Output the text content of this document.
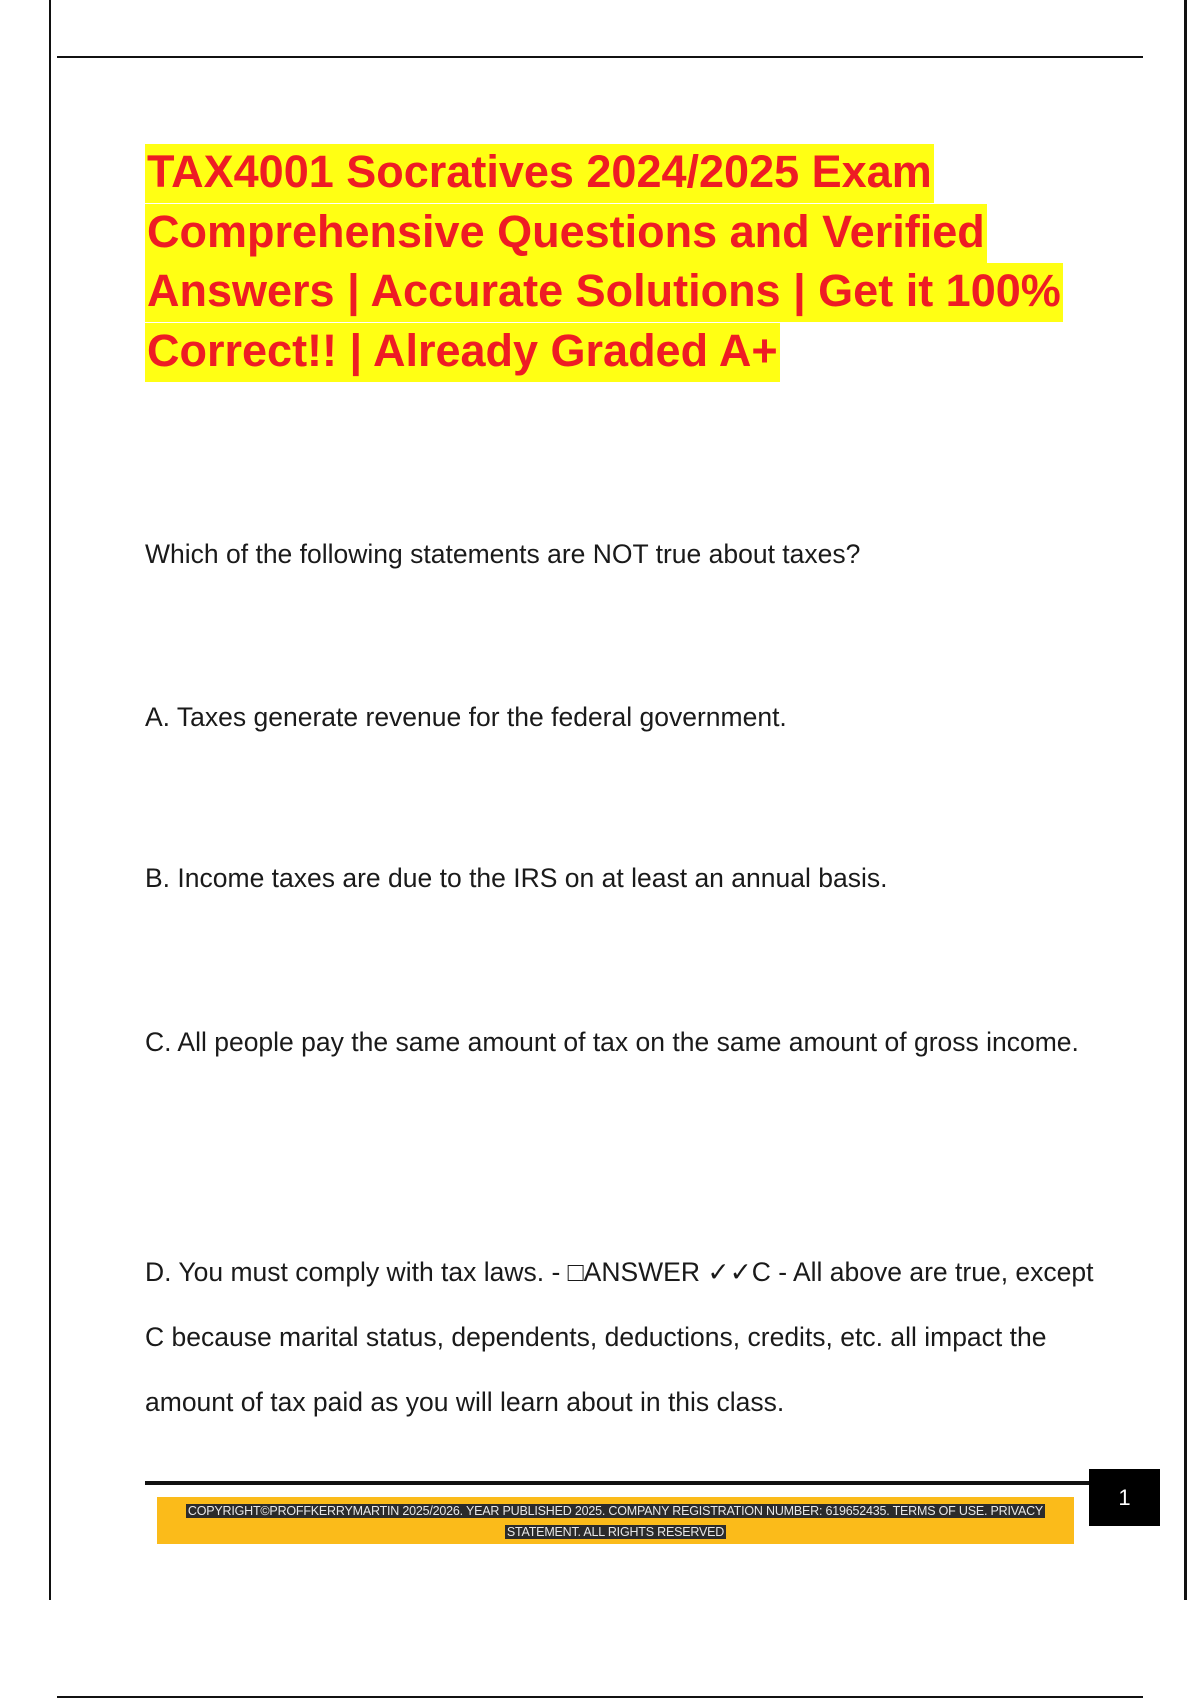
TAX4001 Socratives 2024/2025 Exam Comprehensive Questions and Verified Answers | Accurate Solutions | Get it 100% Correct!! | Already Graded A+

Which of the following statements are NOT true about taxes?

A. Taxes generate revenue for the federal government.

B. Income taxes are due to the IRS on at least an annual basis.

C. All people pay the same amount of tax on the same amount of gross income.

D. You must comply with tax laws. - □ANSWER ✓✓C - All above are true, except C because marital status, dependents, deductions, credits, etc. all impact the amount of tax paid as you will learn about in this class.

1
COPYRIGHT©PROFFKERRYMARTIN 2025/2026. YEAR PUBLISHED 2025. COMPANY REGISTRATION NUMBER: 619652435. TERMS OF USE. PRIVACY STATEMENT. ALL RIGHTS RESERVED
